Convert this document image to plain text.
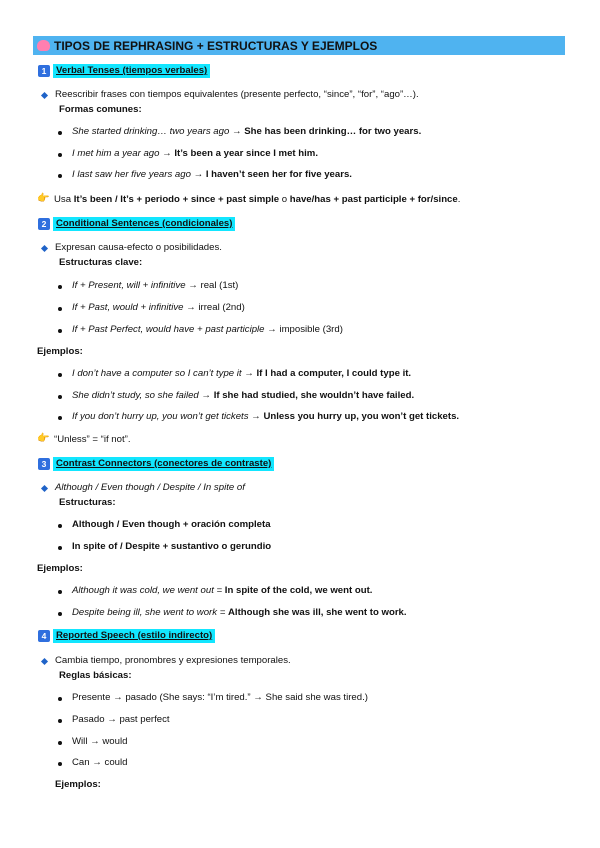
TIPOS DE REPHRASING + ESTRUCTURAS Y EJEMPLOS
1	Verbal Tenses (tiempos verbales)
Reescribir frases con tiempos equivalentes (presente perfecto, “since”, “for”, “ago”…).
Formas comunes:
She started drinking… two years ago → She has been drinking… for two years.
I met him a year ago → It’s been a year since I met him.
I last saw her five years ago → I haven’t seen her for five years.
👉 Usa It’s been / It’s + periodo + since + past simple o have/has + past participle + for/since.
2	Conditional Sentences (condicionales)
Expresan causa-efecto o posibilidades.
Estructuras clave:
If + Present, will + infinitive → real (1st)
If + Past, would + infinitive → irreal (2nd)
If + Past Perfect, would have + past participle → imposible (3rd)
Ejemplos:
I don’t have a computer so I can’t type it → If I had a computer, I could type it.
She didn’t study, so she failed → If she had studied, she wouldn’t have failed.
If you don’t hurry up, you won’t get tickets → Unless you hurry up, you won’t get tickets.
👉 “Unless” = “if not”.
3	Contrast Connectors (conectores de contraste)
Although / Even though / Despite / In spite of
Estructuras:
Although / Even though + oración completa
In spite of / Despite + sustantivo o gerundio
Ejemplos:
Although it was cold, we went out = In spite of the cold, we went out.
Despite being ill, she went to work = Although she was ill, she went to work.
4	Reported Speech (estilo indirecto)
Cambia tiempo, pronombres y expresiones temporales.
Reglas básicas:
Presente → pasado (She says: “I’m tired.” → She said she was tired.)
Pasado → past perfect
Will → would
Can → could
Ejemplos:
